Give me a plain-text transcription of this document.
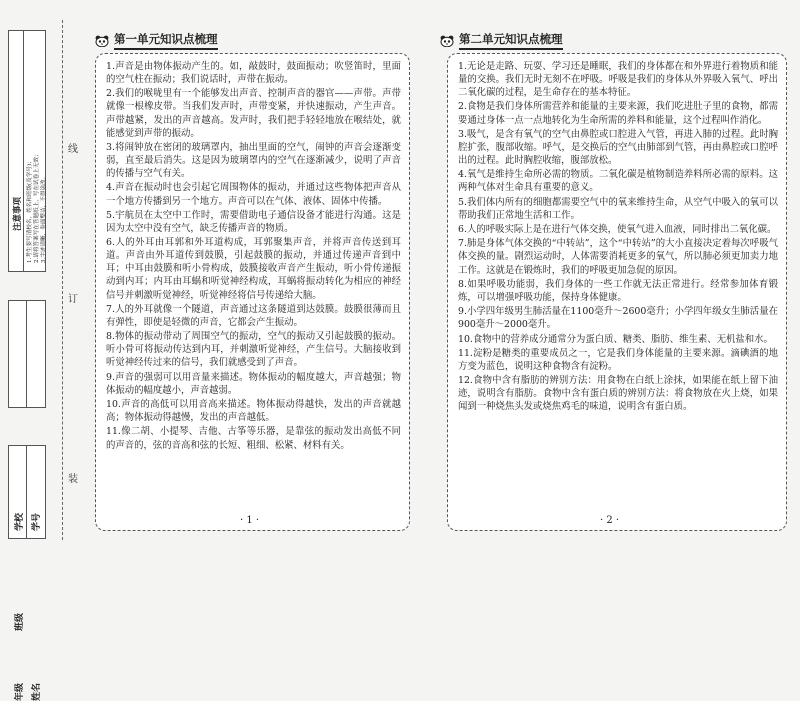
注意事项 1.考生要写清校名，姓名和班级(及学号)； 2.请将答案写在答题纸上，写在试卷上无效； 3.字迹清晰，卷面整洁，不得涂改。
年级
班级
姓名
学校 学号
线
订
装
第一单元知识点梳理

1.声音是由物体振动产生的。如，敲鼓时，鼓面振动；吹竖笛时，里面的空气柱在振动；我们说话时，声带在振动。

2.我们的喉咙里有一个能够发出声音、控制声音的器官——声带。声带就像一根橡皮带。当我们发声时，声带变紧，并快速振动，产生声音。声带越紧，发出的声音越高。发声时，我们把手轻轻地放在喉结处，就能感觉到声带的振动。

3.将闹钟放在密闭的玻璃罩内，抽出里面的空气，闹钟的声音会逐渐变弱，直至最后消失。这是因为玻璃罩内的空气在逐渐减少，说明了声音的传播与空气有关。

4.声音在振动时也会引起它周围物体的振动，并通过这些物体把声音从一个地方传播到另一个地方。声音可以在气体、液体、固体中传播。

5.宇航员在太空中工作时，需要借助电子通信设备才能进行沟通。这是因为太空中没有空气，缺乏传播声音的物质。

6.人的外耳由耳郭和外耳道构成，耳郭聚集声音，并将声音传送到耳道。声音由外耳道传到鼓膜，引起鼓膜的振动，并通过传递声音到中耳；中耳由鼓膜和听小骨构成，鼓膜接收声音产生振动，听小骨传递振动到内耳；内耳由耳蜗和听觉神经构成，耳蜗将振动转化为相应的神经信号并刺激听觉神经，听觉神经将信号传递给大脑。

7.人的外耳就像一个隧道，声音通过这条隧道到达鼓膜。鼓膜很薄而且有弹性，即使是轻微的声音，它都会产生振动。

8.物体的振动带动了周围空气的振动，空气的振动又引起鼓膜的振动。听小骨可将振动传达到内耳，并刺激听觉神经，产生信号。大脑接收到听觉神经传过来的信号，我们就感受到了声音。

9.声音的强弱可以用音量来描述。物体振动的幅度越大，声音越强；物体振动的幅度越小，声音越弱。

10.声音的高低可以用音高来描述。物体振动得越快，发出的声音就越高；物体振动得越慢，发出的声音越低。

11.像二胡、小提琴、吉他、古筝等乐器，是靠弦的振动发出高低不同的声音的，弦的音高和弦的长短、粗细、松紧、材料有关。

· 1 ·
第二单元知识点梳理

1.无论是走路、玩耍、学习还是睡眠，我们的身体都在和外界进行着物质和能量的交换。我们无时无刻不在呼吸。呼吸是我们的身体从外界吸入氧气、呼出二氧化碳的过程，是生命存在的基本特征。

2.食物是我们身体所需营养和能量的主要来源，我们吃进肚子里的食物，都需要通过身体一点一点地转化为生命所需的养料和能量，这个过程叫作消化。

3.吸气，是含有氧气的空气由鼻腔或口腔进入气管，再进入肺的过程。此时胸腔扩张，腹部收缩。呼气，是交换后的空气由肺部到气管，再由鼻腔或口腔呼出的过程。此时胸腔收缩，腹部放松。

4.氧气是维持生命所必需的物质。二氧化碳是植物制造养料所必需的原料。这两种气体对生命具有重要的意义。

5.我们体内所有的细胞都需要空气中的氧来维持生命，从空气中吸入的氧可以帮助我们正常地生活和工作。

6.人的呼吸实际上是在进行气体交换，使氧气进入血液，同时排出二氧化碳。

7.肺是身体气体交换的“中转站”，这个“中转站”的大小直接决定着每次呼吸气体交换的量。剧烈运动时，人体需要消耗更多的氧气，所以肺必须更加卖力地工作。这就是在锻炼时，我们的呼吸更加急促的原因。

8.如果呼吸功能弱，我们身体的一些工作就无法正常进行。经常参加体育锻炼，可以增强呼吸功能，保持身体健康。

9.小学四年级男生肺活量在1100毫升～2600毫升；小学四年级女生肺活量在900毫升～2000毫升。

10.食物中的营养成分通常分为蛋白质、糖类、脂肪、维生素、无机盐和水。

11.淀粉是糖类的重要成员之一，它是我们身体能量的主要来源。滴碘酒的地方变为蓝色，说明这种食物含有淀粉。

12.食物中含有脂肪的辨别方法：用食物在白纸上涂抹，如果能在纸上留下油迹，说明含有脂肪。食物中含有蛋白质的辨别方法：将食物放在火上烧，如果闻到一种烧焦头发或烧焦鸡毛的味道，说明含有蛋白质。

· 2 ·
